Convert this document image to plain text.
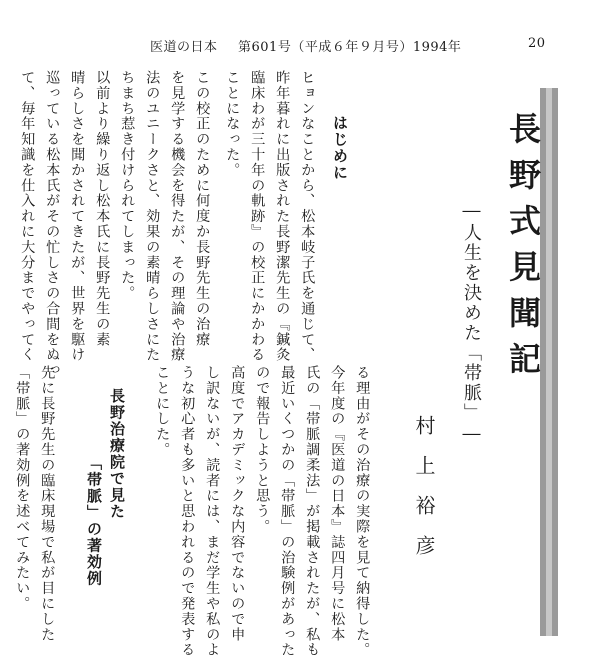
医道の日本 第601号（平成６年９月号）1994年	20
長野式見聞記
―人生を決めた「帯脈」―
村上裕彦
はじめに
長野治療院で見た
「帯脈」の著効例	る理由がその治療の実際を見て納得した。
今年度の『医道の日本』誌四月号に松本
氏の「帯脈調柔法」が掲載されたが、私も
最近いくつかの「帯脈」の治験例があった
ので報告しようと思う。
高度でアカデミックな内容でないので申
し訳ないが、読者には、まだ学生や私のよ
うな初心者も多いと思われるので発表する
ことにした。
先に長野先生の臨床現場で私が目にした
「帯脈」の著効例を述べてみたい。
ヒョンなことから、松本岐子氏を通じて、
昨年暮れに出版された長野潔先生の『鍼灸
臨床わが三十年の軌跡』の校正にかかわる
ことになった。
この校正のために何度か長野先生の治療
を見学する機会を得たが、その理論や治療
法のユニークさと、効果の素晴らしさにた
ちまち惹き付けられてしまった。
以前より繰り返し松本氏に長野先生の素
晴らしさを聞かされてきたが、世界を駆け
巡っている松本氏がその忙しさの合間をぬっ
て、毎年知識を仕入れに大分までやってく
